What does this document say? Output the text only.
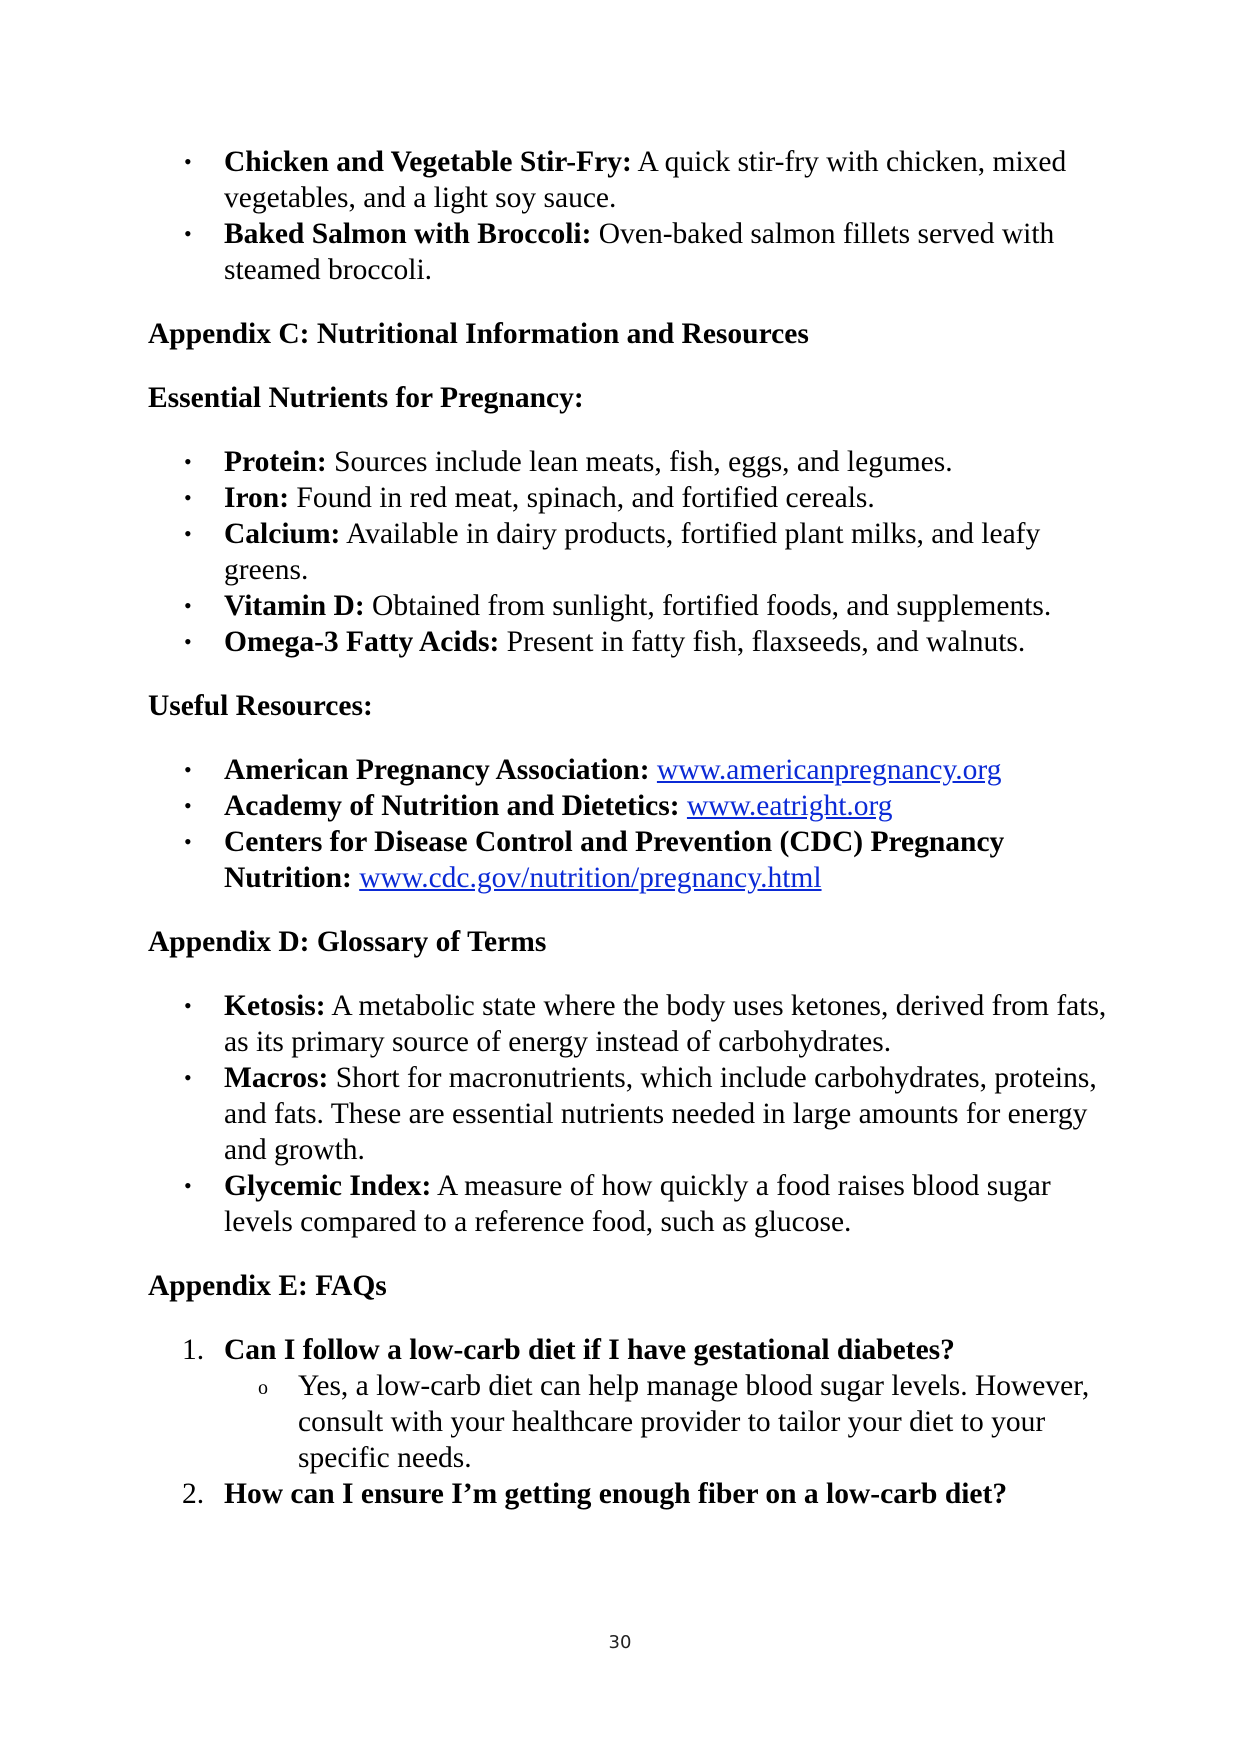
•	Chicken and Vegetable Stir-Fry: A quick stir-fry with chicken, mixed vegetables, and a light soy sauce.
•	Baked Salmon with Broccoli: Oven-baked salmon fillets served with steamed broccoli.

Appendix C: Nutritional Information and Resources

Essential Nutrients for Pregnancy:

•	Protein: Sources include lean meats, fish, eggs, and legumes.
•	Iron: Found in red meat, spinach, and fortified cereals.
•	Calcium: Available in dairy products, fortified plant milks, and leafy greens.
•	Vitamin D: Obtained from sunlight, fortified foods, and supplements.
•	Omega-3 Fatty Acids: Present in fatty fish, flaxseeds, and walnuts.

Useful Resources:

•	American Pregnancy Association: www.americanpregnancy.org
•	Academy of Nutrition and Dietetics: www.eatright.org
•	Centers for Disease Control and Prevention (CDC) Pregnancy Nutrition: www.cdc.gov/nutrition/pregnancy.html

Appendix D: Glossary of Terms

•	Ketosis: A metabolic state where the body uses ketones, derived from fats, as its primary source of energy instead of carbohydrates.
•	Macros: Short for macronutrients, which include carbohydrates, proteins, and fats. These are essential nutrients needed in large amounts for energy and growth.
•	Glycemic Index: A measure of how quickly a food raises blood sugar levels compared to a reference food, such as glucose.

Appendix E: FAQs

1. Can I follow a low-carb diet if I have gestational diabetes?
o Yes, a low-carb diet can help manage blood sugar levels. However, consult with your healthcare provider to tailor your diet to your specific needs.
2. How can I ensure I’m getting enough fiber on a low-carb diet?
30
